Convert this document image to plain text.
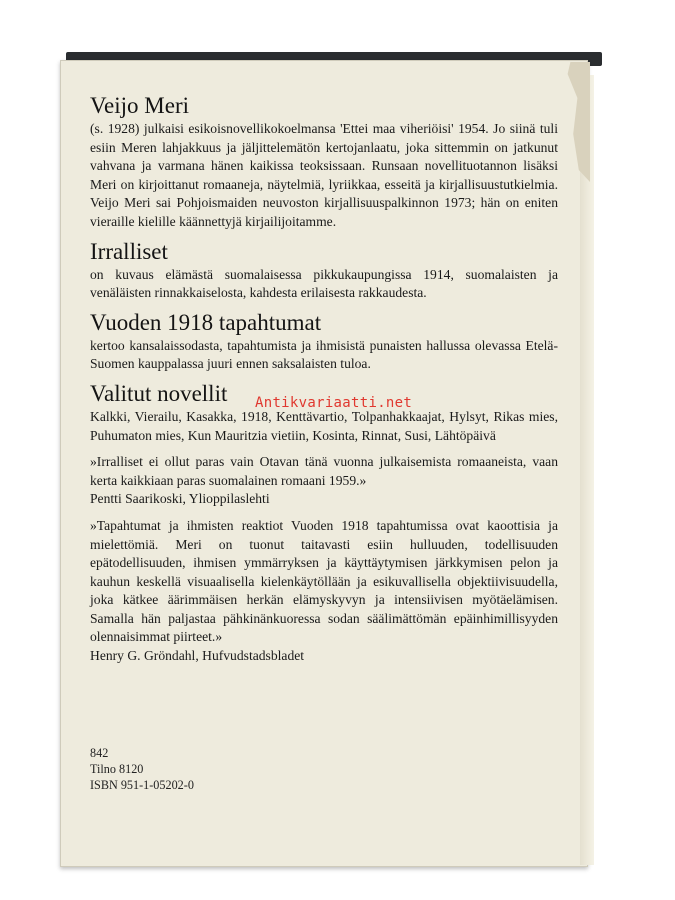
Veijo Meri

(s. 1928) julkaisi esikoisnovellikokoelmansa 'Ettei maa viheriöisi' 1954. Jo siinä tuli esiin Meren lahjakkuus ja jäljittelemätön kertojanlaatu, joka sittemmin on jatkunut vahvana ja varmana hänen kaikissa teoksissaan. Runsaan novellituotannon lisäksi Meri on kirjoittanut romaaneja, näytelmiä, lyriikkaa, esseitä ja kirjallisuustutkielmia. Veijo Meri sai Pohjoismaiden neuvoston kirjallisuuspalkinnon 1973; hän on eniten vieraille kielille käännettyjä kirjailijoitamme.

Irralliset

on kuvaus elämästä suomalaisessa pikkukaupungissa 1914, suomalaisten ja venäläisten rinnakkaiselosta, kahdesta erilaisesta rakkaudesta.

Vuoden 1918 tapahtumat

kertoo kansalaissodasta, tapahtumista ja ihmisistä punaisten hallussa olevassa Etelä-Suomen kauppalassa juuri ennen saksalaisten tuloa.

Valitut novellit

Kalkki, Vierailu, Kasakka, 1918, Kenttävartio, Tolpanhakkaajat, Hylsyt, Rikas mies, Puhumaton mies, Kun Mauritzia vietiin, Kosinta, Rinnat, Susi, Lähtöpäivä

»Irralliset ei ollut paras vain Otavan tänä vuonna julkaisemista romaaneista, vaan kerta kaikkiaan paras suomalainen romaani 1959.»

Pentti Saarikoski, Ylioppilaslehti

»Tapahtumat ja ihmisten reaktiot Vuoden 1918 tapahtumissa ovat kaoottisia ja mielettömiä. Meri on tuonut taitavasti esiin hulluuden, todellisuuden epätodellisuuden, ihmisen ymmärryksen ja käyttäytymisen järkkymisen pelon ja kauhun keskellä visuaalisella kielenkäytöllään ja esikuvallisella objektiivisuudella, joka kätkee äärimmäisen herkän elämyskyvyn ja intensiivisen myötäelämisen. Samalla hän paljastaa pähkinänkuoressa sodan säälimättömän epäinhimillisyyden olennaisimmat piirteet.»

Henry G. Gröndahl, Hufvudstadsbladet

842
Tilno 8120
ISBN 951-1-05202-0
Antikvariaatti.net
